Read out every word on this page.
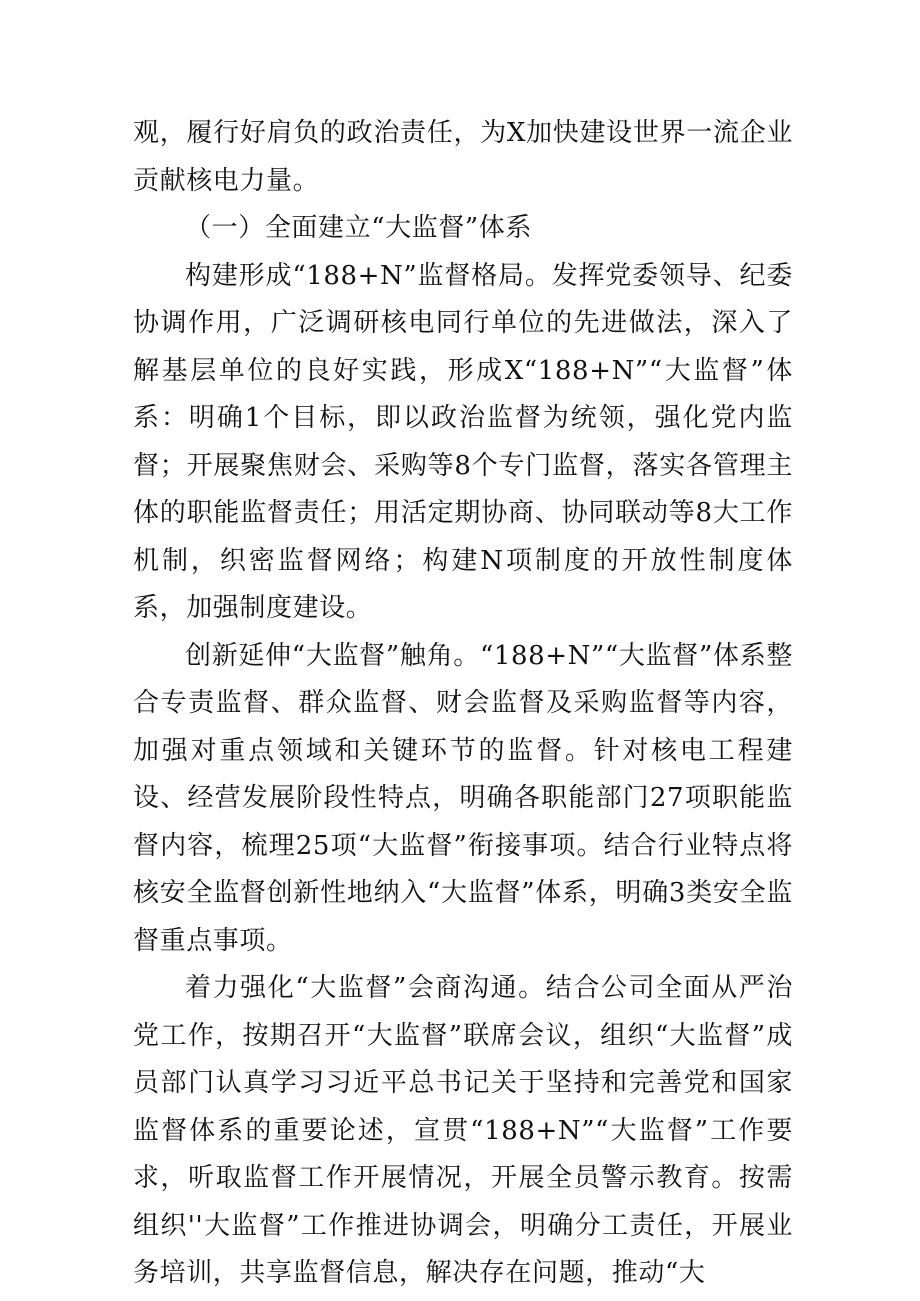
观，履行好肩负的政治责任，为X加快建设世界一流企业贡献核电力量。

（一）全面建立“大监督”体系

构建形成“188+N”监督格局。发挥党委领导、纪委协调作用，广泛调研核电同行单位的先进做法，深入了解基层单位的良好实践，形成X“188+N”“大监督”体系：明确1个目标，即以政治监督为统领，强化党内监督；开展聚焦财会、采购等8个专门监督，落实各管理主体的职能监督责任；用活定期协商、协同联动等8大工作机制，织密监督网络；构建N项制度的开放性制度体系，加强制度建设。

创新延伸“大监督”触角。“188+N”“大监督”体系整合专责监督、群众监督、财会监督及采购监督等内容，加强对重点领域和关键环节的监督。针对核电工程建设、经营发展阶段性特点，明确各职能部门27项职能监督内容，梳理25项“大监督”衔接事项。结合行业特点将核安全监督创新性地纳入“大监督”体系，明确3类安全监督重点事项。

着力强化“大监督”会商沟通。结合公司全面从严治党工作，按期召开“大监督”联席会议，组织“大监督”成员部门认真学习习近平总书记关于坚持和完善党和国家监督体系的重要论述，宣贯“188+N”“大监督”工作要求，听取监督工作开展情况，开展全员警示教育。按需组织''大监督”工作推进协调会，明确分工责任，开展业务培训，共享监督信息，解决存在问题，推动“大
